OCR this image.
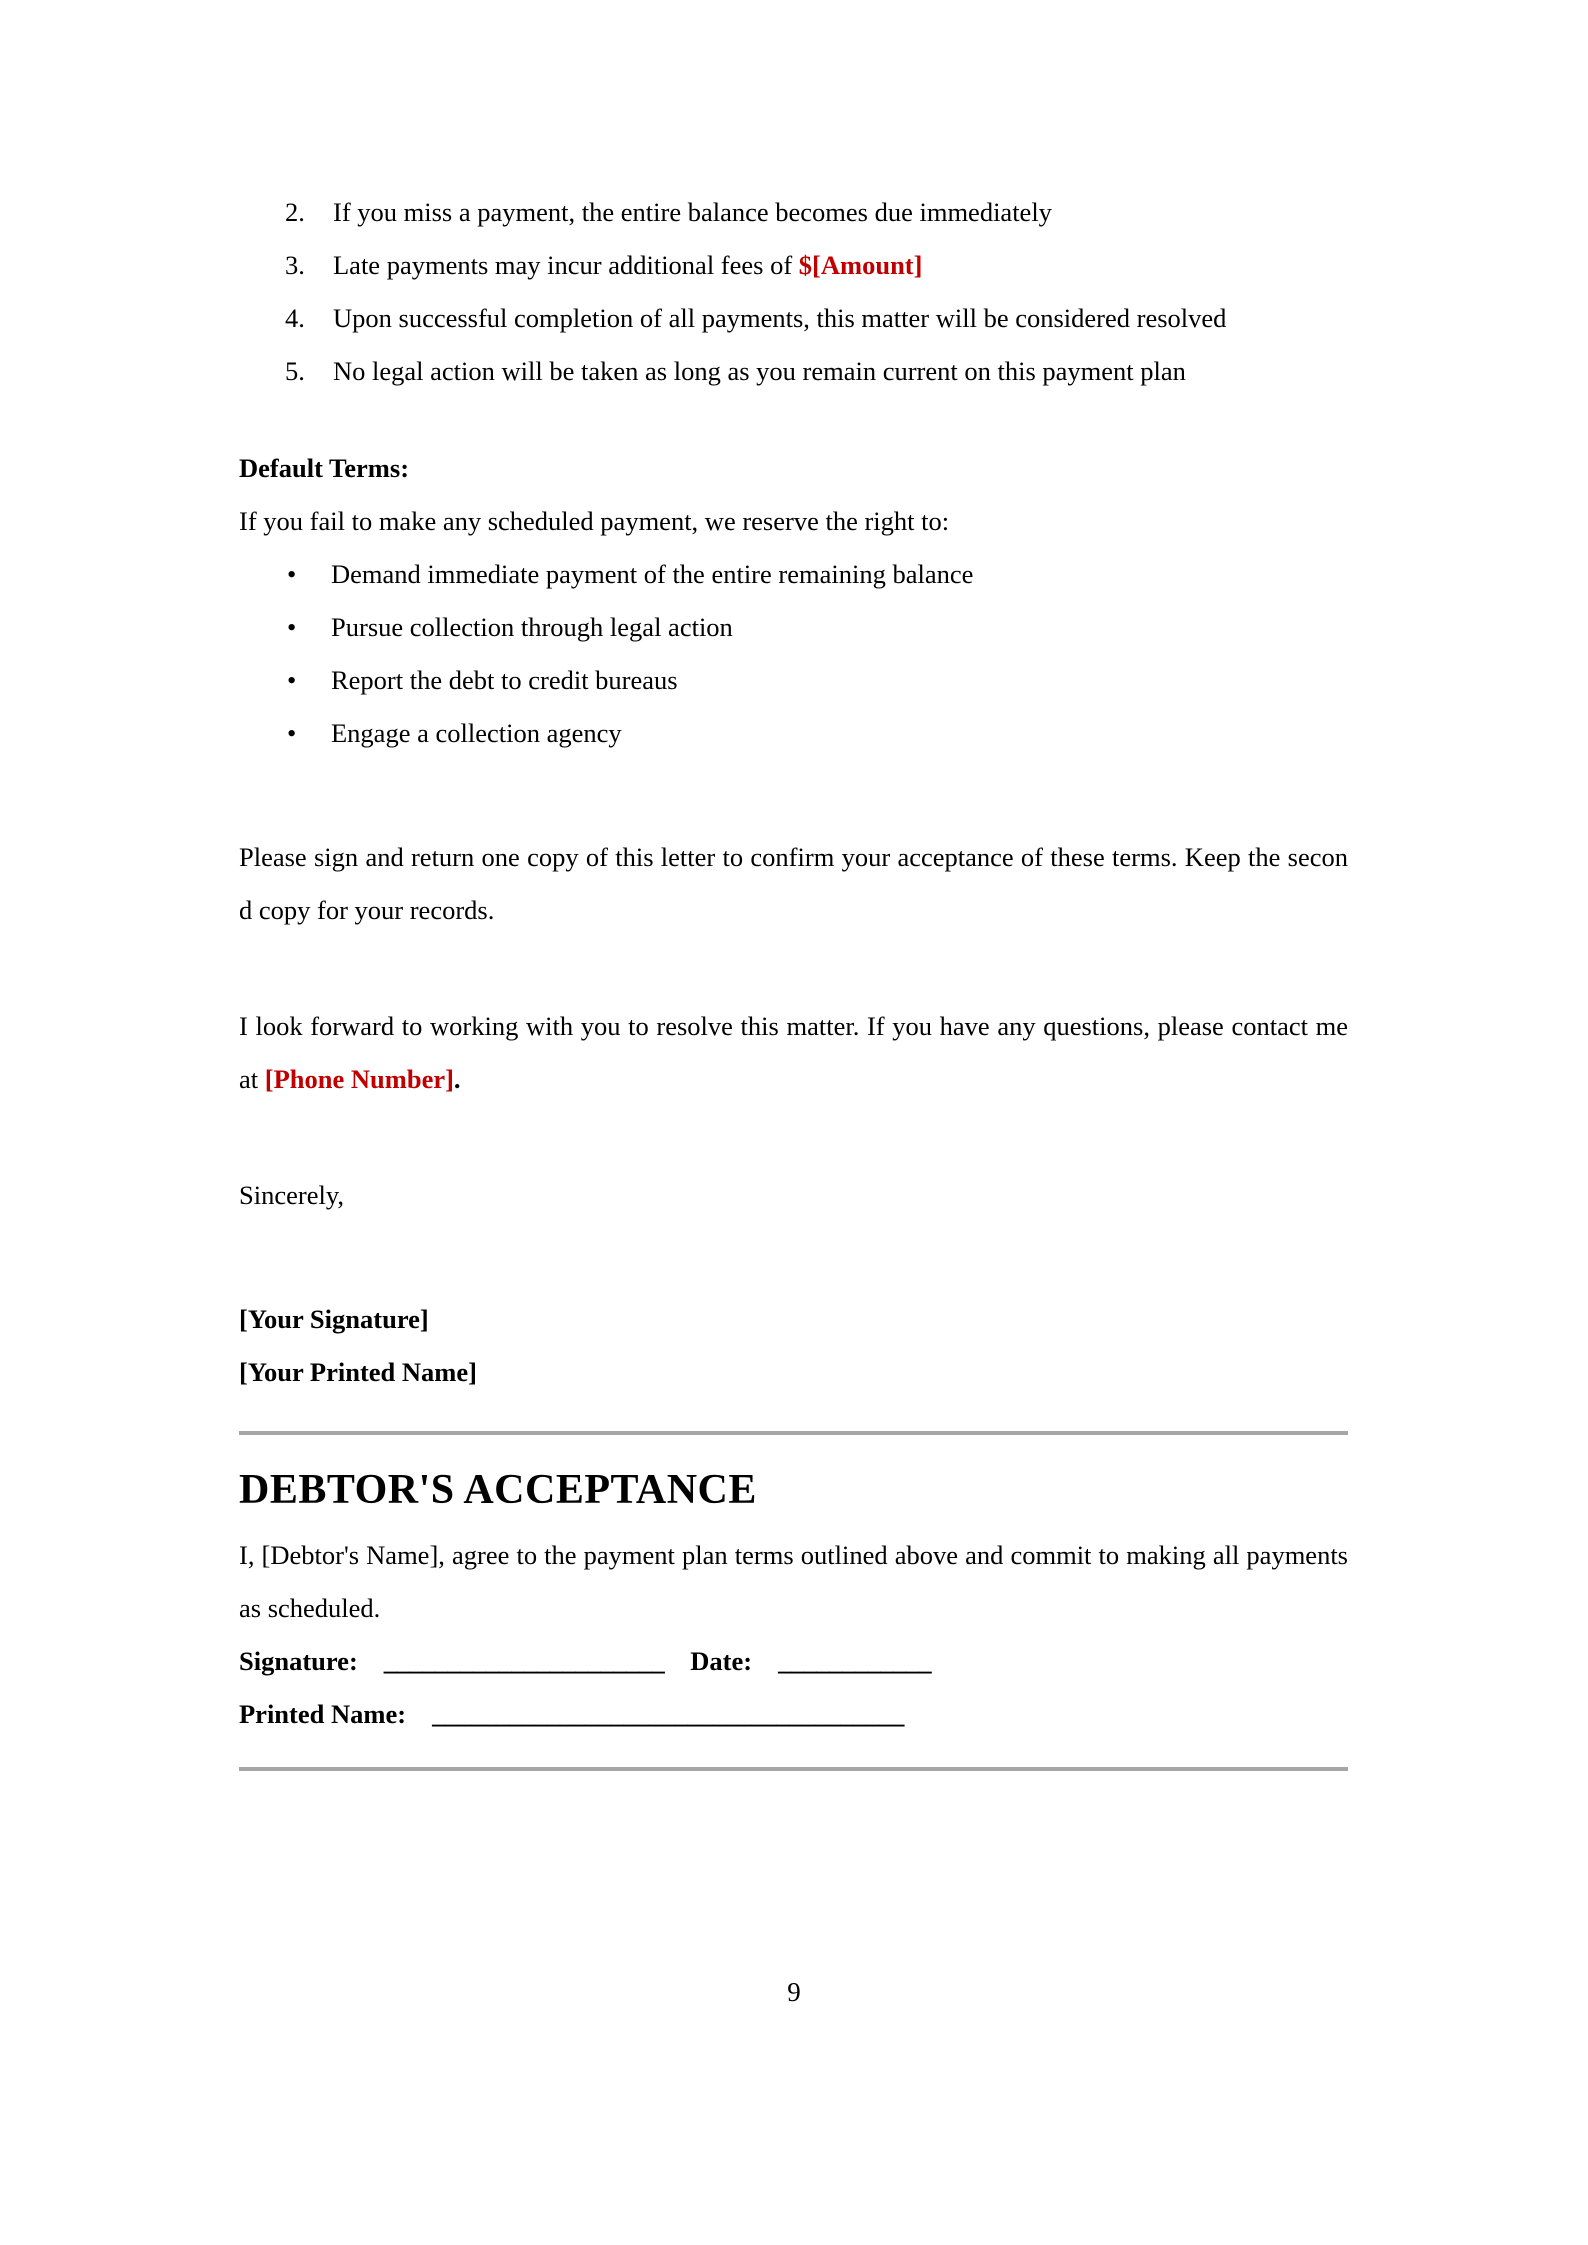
2.	If you miss a payment, the entire balance becomes due immediately
3.	Late payments may incur additional fees of $[Amount]
4.	Upon successful completion of all payments, this matter will be considered resolved
5.	No legal action will be taken as long as you remain current on this payment plan

Default Terms:

If you fail to make any scheduled payment, we reserve the right to:

• Demand immediate payment of the entire remaining balance
• Pursue collection through legal action
• Report the debt to credit bureaus
• Engage a collection agency

Please sign and return one copy of this letter to confirm your acceptance of these terms. Keep the second copy for your records.

I look forward to working with you to resolve this matter. If you have any questions, please contact me at [Phone Number].

Sincerely,

[Your Signature]

[Your Printed Name]

DEBTOR'S ACCEPTANCE

I, [Debtor's Name], agree to the payment plan terms outlined above and commit to making all payments as scheduled.

Signature: ______________________ Date: ____________

Printed Name: _____________________________________

9
